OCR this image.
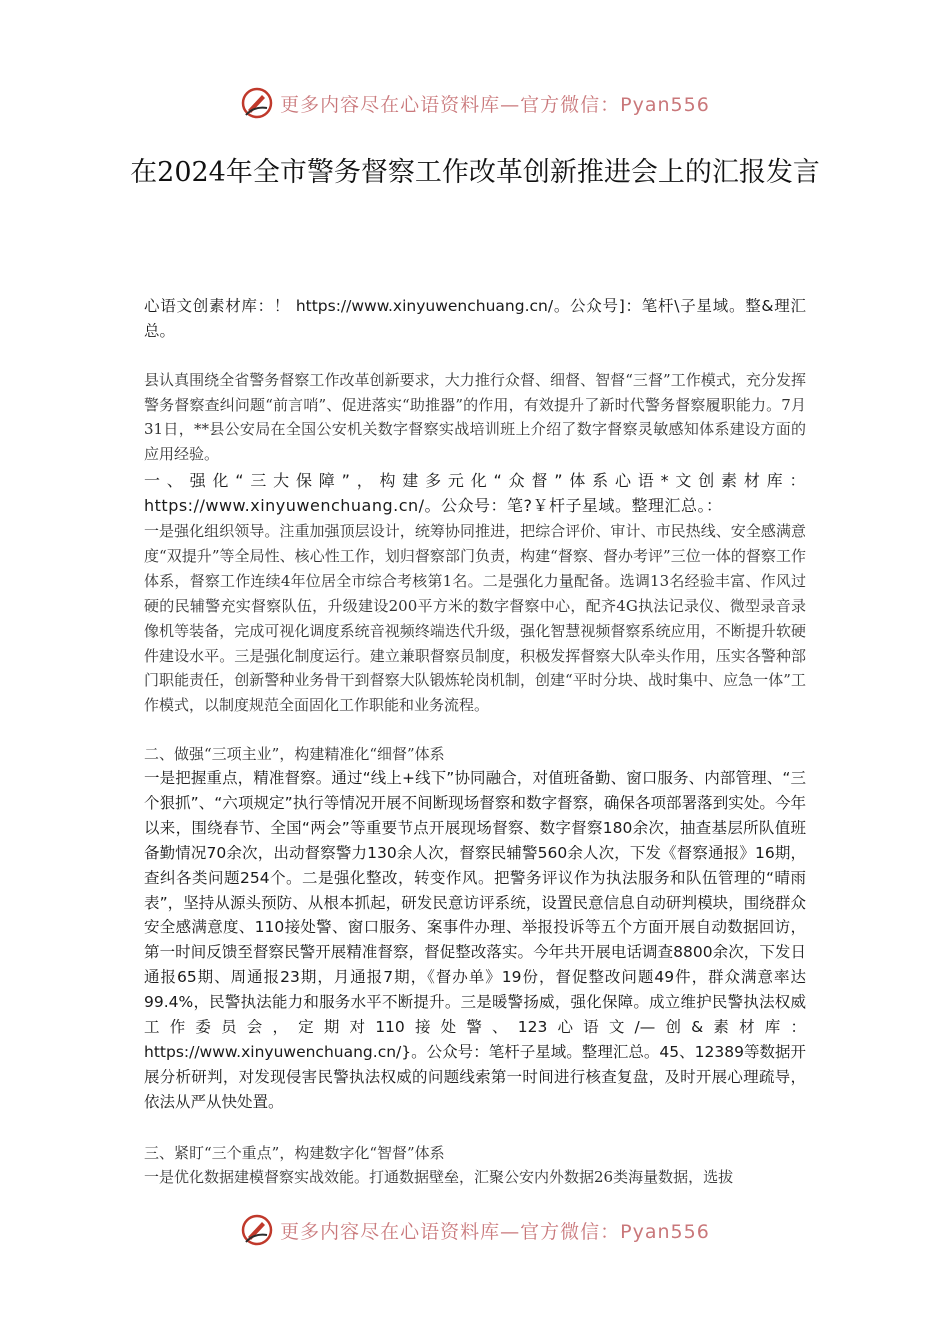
更多内容尽在心语资料库—官方微信：Pyan556
在2024年全市警务督察工作改革创新推进会上的汇报发言

心语文创素材库：！ https://www.xinyuwenchuang.cn/。公众号]：笔杆\子星域。整&理汇总。

县认真围绕全省警务督察工作改革创新要求，大力推行众督、细督、智督“三督”工作模式，充分发挥警务督察查纠问题“前言哨”、促进落实“助推器”的作用，有效提升了新时代警务督察履职能力。7月31日，**县公安局在全国公安机关数字督察实战培训班上介绍了数字督察灵敏感知体系建设方面的应用经验。

一、强化“三大保障”，构建多元化“众督”体系心语*文创素材库：https://www.xinyuwenchuang.cn/。公众号：笔?￥杆子星域。整理汇总。：

一是强化组织领导。注重加强顶层设计，统筹协同推进，把综合评价、审计、市民热线、安全感满意度“双提升”等全局性、核心性工作，划归督察部门负责，构建“督察、督办考评”三位一体的督察工作体系，督察工作连续4年位居全市综合考核第1名。二是强化力量配备。选调13名经验丰富、作风过硬的民辅警充实督察队伍，升级建设200平方米的数字督察中心，配齐4G执法记录仪、微型录音录像机等装备，完成可视化调度系统音视频终端迭代升级，强化智慧视频督察系统应用，不断提升软硬件建设水平。三是强化制度运行。建立兼职督察员制度，积极发挥督察大队牵头作用，压实各警种部门职能责任，创新警种业务骨干到督察大队锻炼轮岗机制，创建“平时分块、战时集中、应急一体”工作模式，以制度规范全面固化工作职能和业务流程。

二、做强“三项主业”，构建精准化“细督”体系

一是把握重点，精准督察。通过“线上+线下”协同融合，对值班备勤、窗口服务、内部管理、“三个狠抓”、“六项规定”执行等情况开展不间断现场督察和数字督察，确保各项部署落到实处。今年以来，围绕春节、全国“两会”等重要节点开展现场督察、数字督察180余次，抽查基层所队值班备勤情况70余次，出动督察警力130余人次，督察民辅警560余人次，下发《督察通报》16期，查纠各类问题254个。二是强化整改，转变作风。把警务评议作为执法服务和队伍管理的“晴雨表”，坚持从源头预防、从根本抓起，研发民意访评系统，设置民意信息自动研判模块，围绕群众安全感满意度、110接处警、窗口服务、案事件办理、举报投诉等五个方面开展自动数据回访，第一时间反馈至督察民警开展精准督察，督促整改落实。今年共开展电话调查8800余次，下发日通报65期、周通报23期，月通报7期，《督办单》19份，督促整改问题49件，群众满意率达99.4%，民警执法能力和服务水平不断提升。三是暖警扬威，强化保障。成立维护民警执法权威工作委员会，定期对110接处警、123心语文/—创&素材库：https://www.xinyuwenchuang.cn/}。公众号：笔杆子星域。整理汇总。45、12389等数据开展分析研判，对发现侵害民警执法权威的问题线索第一时间进行核查复盘，及时开展心理疏导，依法从严从快处置。

三、紧盯“三个重点”，构建数字化“智督”体系

一是优化数据建模督察实战效能。打通数据壁垒，汇聚公安内外数据26类海量数据，选拔

更多内容尽在心语资料库—官方微信：Pyan556
